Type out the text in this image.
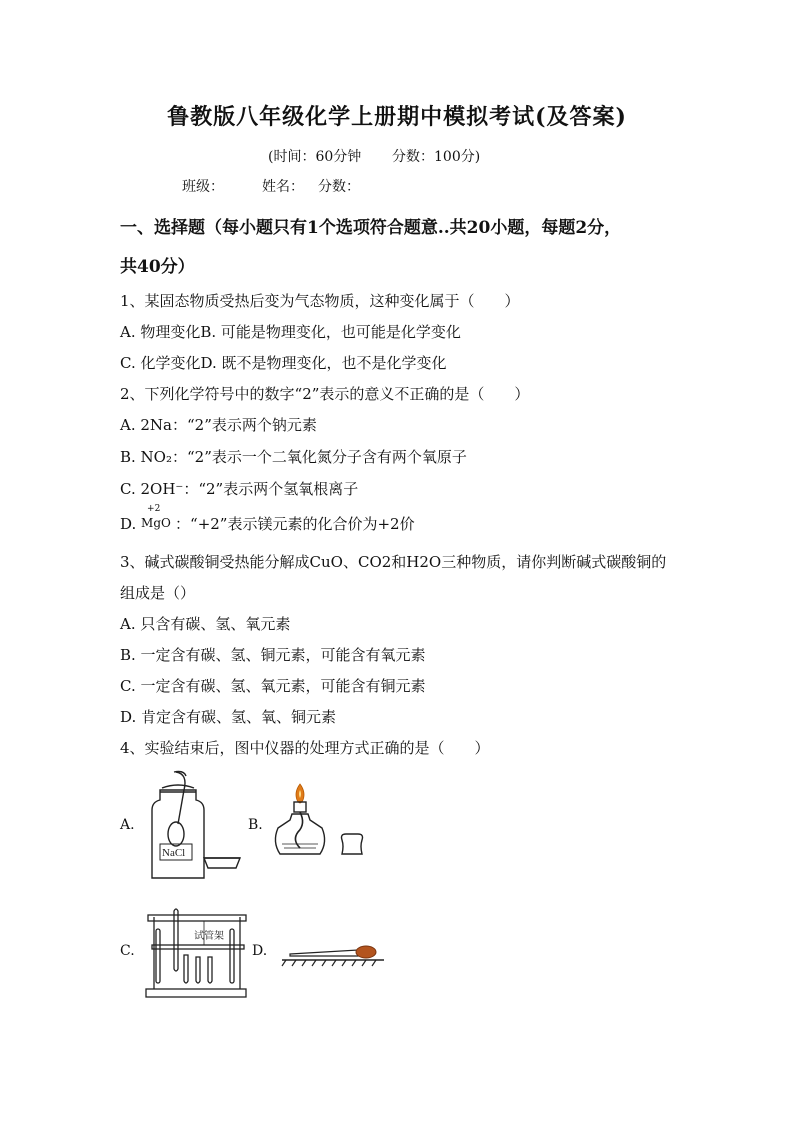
鲁教版八年级化学上册期中模拟考试(及答案)
(时间：60分钟 分数：100分)
班级：	姓名： 分数：
一、选择题（每小题只有1个选项符合题意..共20小题，每题2分，
共40分）
1、某固态物质受热后变为气态物质，这种变化属于（　　）
A. 物理变化B. 可能是物理变化，也可能是化学变化
C. 化学变化D. 既不是物理变化，也不是化学变化
2、下列化学符号中的数字“2”表示的意义不正确的是（　　）
A. 2Na：“2”表示两个钠元素
B. NO₂：“2”表示一个二氧化氮分子含有两个氧原子
C. 2OH⁻：“2”表示两个氢氧根离子
D.
+2
MgO ：“+2”表示镁元素的化合价为+2价
3、碱式碳酸铜受热能分解成CuO、CO2和H2O三种物质，请你判断碱式碳酸铜的
组成是（）
A. 只含有碳、氢、氧元素
B. 一定含有碳、氢、铜元素，可能含有氧元素
C. 一定含有碳、氢、氧元素，可能含有铜元素
D. 肯定含有碳、氢、氧、铜元素
4、实验结束后，图中仪器的处理方式正确的是（　　）
A.	B.
C.	D.
NaCl
试管架
